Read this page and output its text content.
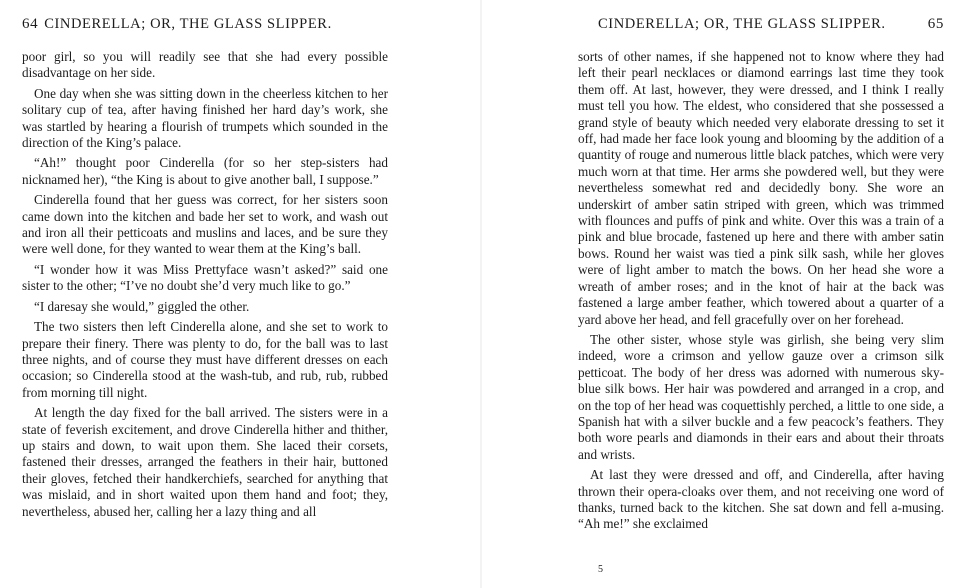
64 CINDERELLA; OR, THE GLASS SLIPPER.

poor girl, so you will readily see that she had every possible disadvantage on her side.

One day when she was sitting down in the cheerless kitchen to her solitary cup of tea, after having finished her hard day’s work, she was startled by hearing a flourish of trumpets which sounded in the direction of the King’s palace.

“Ah!” thought poor Cinderella (for so her step-sisters had nicknamed her), “the King is about to give another ball, I suppose.”

Cinderella found that her guess was correct, for her sisters soon came down into the kitchen and bade her set to work, and wash out and iron all their petticoats and muslins and laces, and be sure they were well done, for they wanted to wear them at the King’s ball.

“I wonder how it was Miss Prettyface wasn’t asked?” said one sister to the other; “I’ve no doubt she’d very much like to go.”

“I daresay she would,” giggled the other.

The two sisters then left Cinderella alone, and she set to work to prepare their finery. There was plenty to do, for the ball was to last three nights, and of course they must have different dresses on each occasion; so Cinderella stood at the wash-tub, and rub, rub, rubbed from morning till night.

At length the day fixed for the ball arrived. The sisters were in a state of feverish excitement, and drove Cinderella hither and thither, up stairs and down, to wait upon them. She laced their corsets, fastened their dresses, arranged the feathers in their hair, buttoned their gloves, fetched their handkerchiefs, searched for anything that was mislaid, and in short waited upon them hand and foot; they, nevertheless, abused her, calling her a lazy thing and all

CINDERELLA; OR, THE GLASS SLIPPER.	65

sorts of other names, if she happened not to know where they had left their pearl necklaces or diamond earrings last time they took them off. At last, however, they were dressed, and I think I really must tell you how. The eldest, who considered that she possessed a grand style of beauty which needed very elaborate dressing to set it off, had made her face look young and blooming by the addition of a quantity of rouge and numerous little black patches, which were very much worn at that time. Her arms she powdered well, but they were nevertheless somewhat red and decidedly bony. She wore an underskirt of amber satin striped with green, which was trimmed with flounces and puffs of pink and white. Over this was a train of a pink and blue brocade, fastened up here and there with amber satin bows. Round her waist was tied a pink silk sash, while her gloves were of light amber to match the bows. On her head she wore a wreath of amber roses; and in the knot of hair at the back was fastened a large amber feather, which towered about a quarter of a yard above her head, and fell gracefully over on her forehead.

The other sister, whose style was girlish, she being very slim indeed, wore a crimson and yellow gauze over a crimson silk petticoat. The body of her dress was adorned with numerous sky-blue silk bows. Her hair was powdered and arranged in a crop, and on the top of her head was coquettishly perched, a little to one side, a Spanish hat with a silver buckle and a few peacock’s feathers. They both wore pearls and diamonds in their ears and about their throats and wrists.

At last they were dressed and off, and Cinderella, after having thrown their opera-cloaks over them, and not receiving one word of thanks, turned back to the kitchen. She sat down and fell a-musing. “Ah me!” she exclaimed

5
